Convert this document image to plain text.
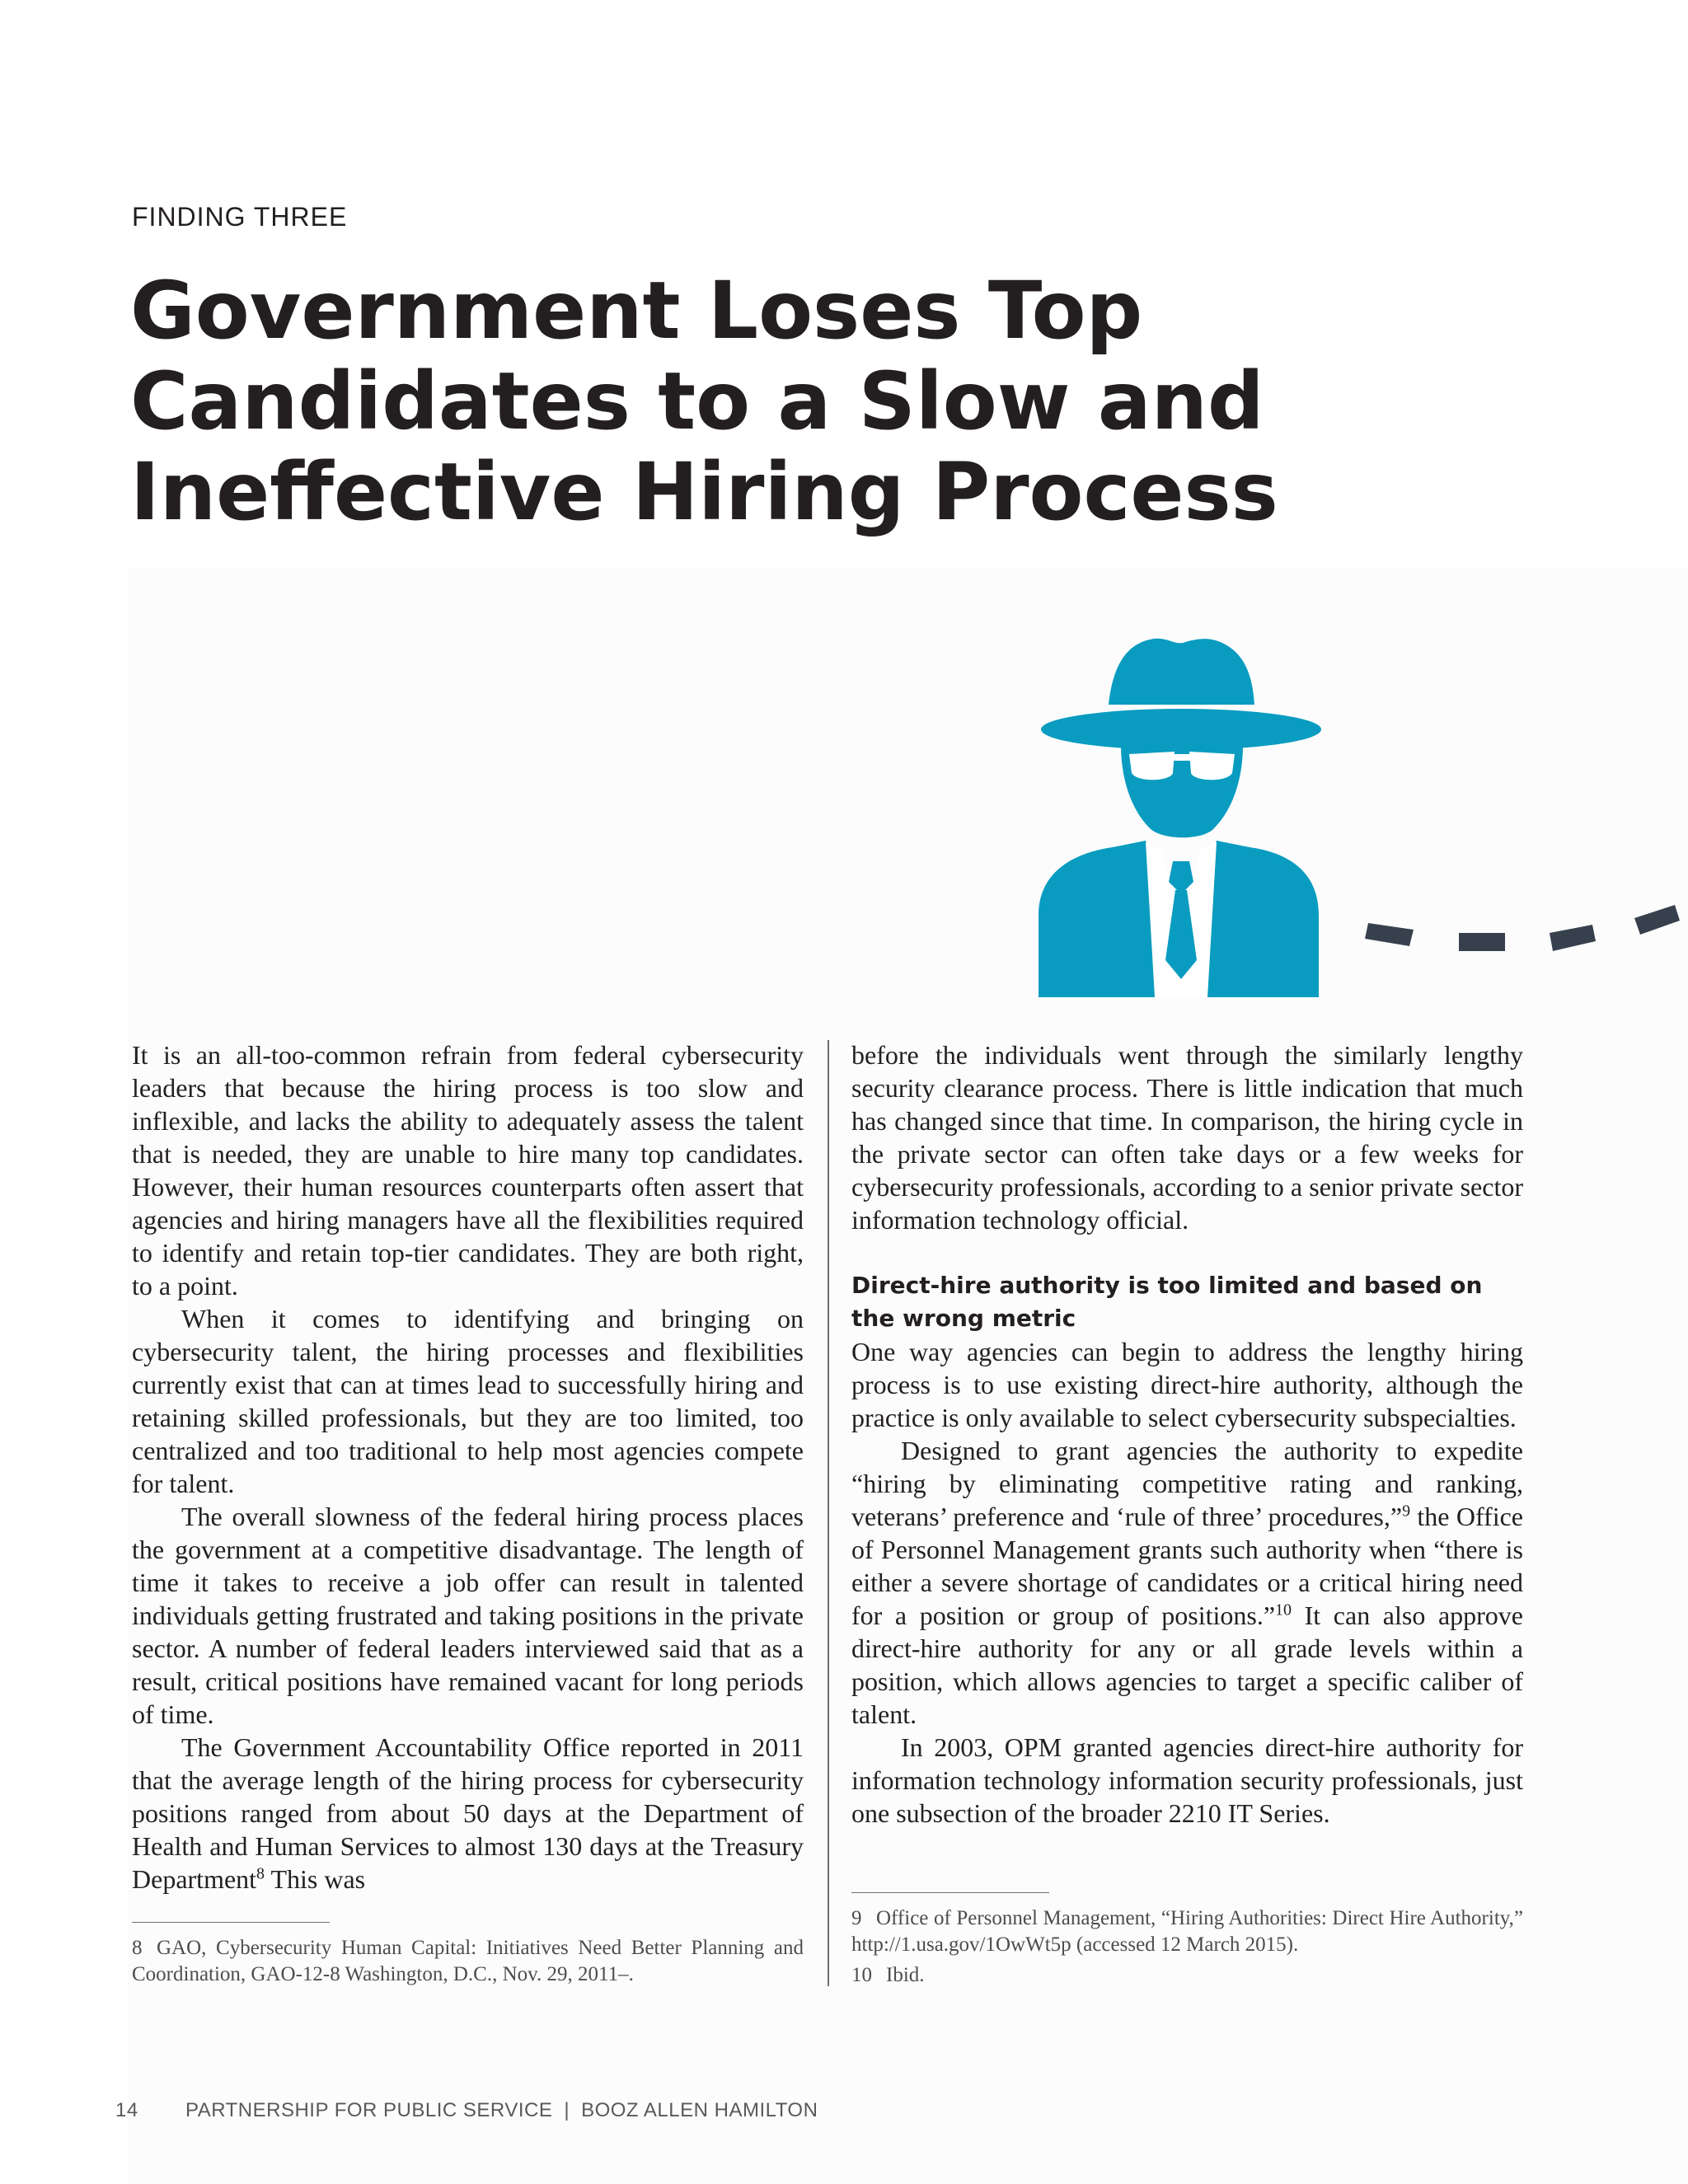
FINDING THREE
Government Loses Top Candidates to a Slow and Ineffective Hiring Process

It is an all-too-common refrain from federal cybersecurity leaders that because the hiring process is too slow and inflexible, and lacks the ability to adequately assess the talent that is needed, they are unable to hire many top candidates. However, their human resources counterparts often assert that agencies and hiring managers have all the flexibilities required to identify and retain top-tier candidates. They are both right, to a point.

When it comes to identifying and bringing on cybersecurity talent, the hiring processes and flexibilities currently exist that can at times lead to successfully hiring and retaining skilled professionals, but they are too limited, too centralized and too traditional to help most agencies compete for talent.

The overall slowness of the federal hiring process places the government at a competitive disadvantage. The length of time it takes to receive a job offer can result in talented individuals getting frustrated and taking positions in the private sector. A number of federal leaders interviewed said that as a result, critical positions have remained vacant for long periods of time.

The Government Accountability Office reported in 2011 that the average length of the hiring process for cybersecurity positions ranged from about 50 days at the Department of Health and Human Services to almost 130 days at the Treasury Department$^8$ This was

before the individuals went through the similarly lengthy security clearance process. There is little indication that much has changed since that time. In comparison, the hiring cycle in the private sector can often take days or a few weeks for cybersecurity professionals, according to a senior private sector information technology official.

Direct-hire authority is too limited and based on the wrong metric

One way agencies can begin to address the lengthy hiring process is to use existing direct-hire authority, although the practice is only available to select cybersecurity subspecialties.

Designed to grant agencies the authority to expedite “hiring by eliminating competitive rating and ranking, veterans’ preference and ‘rule of three’ procedures,”$^9$ the Office of Personnel Management grants such authority when “there is either a severe shortage of candidates or a critical hiring need for a position or group of positions.”$^{10}$ It can also approve direct-hire authority for any or all grade levels within a position, which allows agencies to target a specific caliber of talent.

In 2003, OPM granted agencies direct-hire authority for information technology information security professionals, just one subsection of the broader 2210 IT Series.

8 GAO, Cybersecurity Human Capital: Initiatives Need Better Planning and Coordination, GAO-12-8 Washington, D.C., Nov. 29, 2011–.
9 Office of Personnel Management, “Hiring Authorities: Direct Hire Authority,” http://1.usa.gov/1OwWt5p (accessed 12 March 2015).
10 Ibid.
14 PARTNERSHIP FOR PUBLIC SERVICE | BOOZ ALLEN HAMILTON
